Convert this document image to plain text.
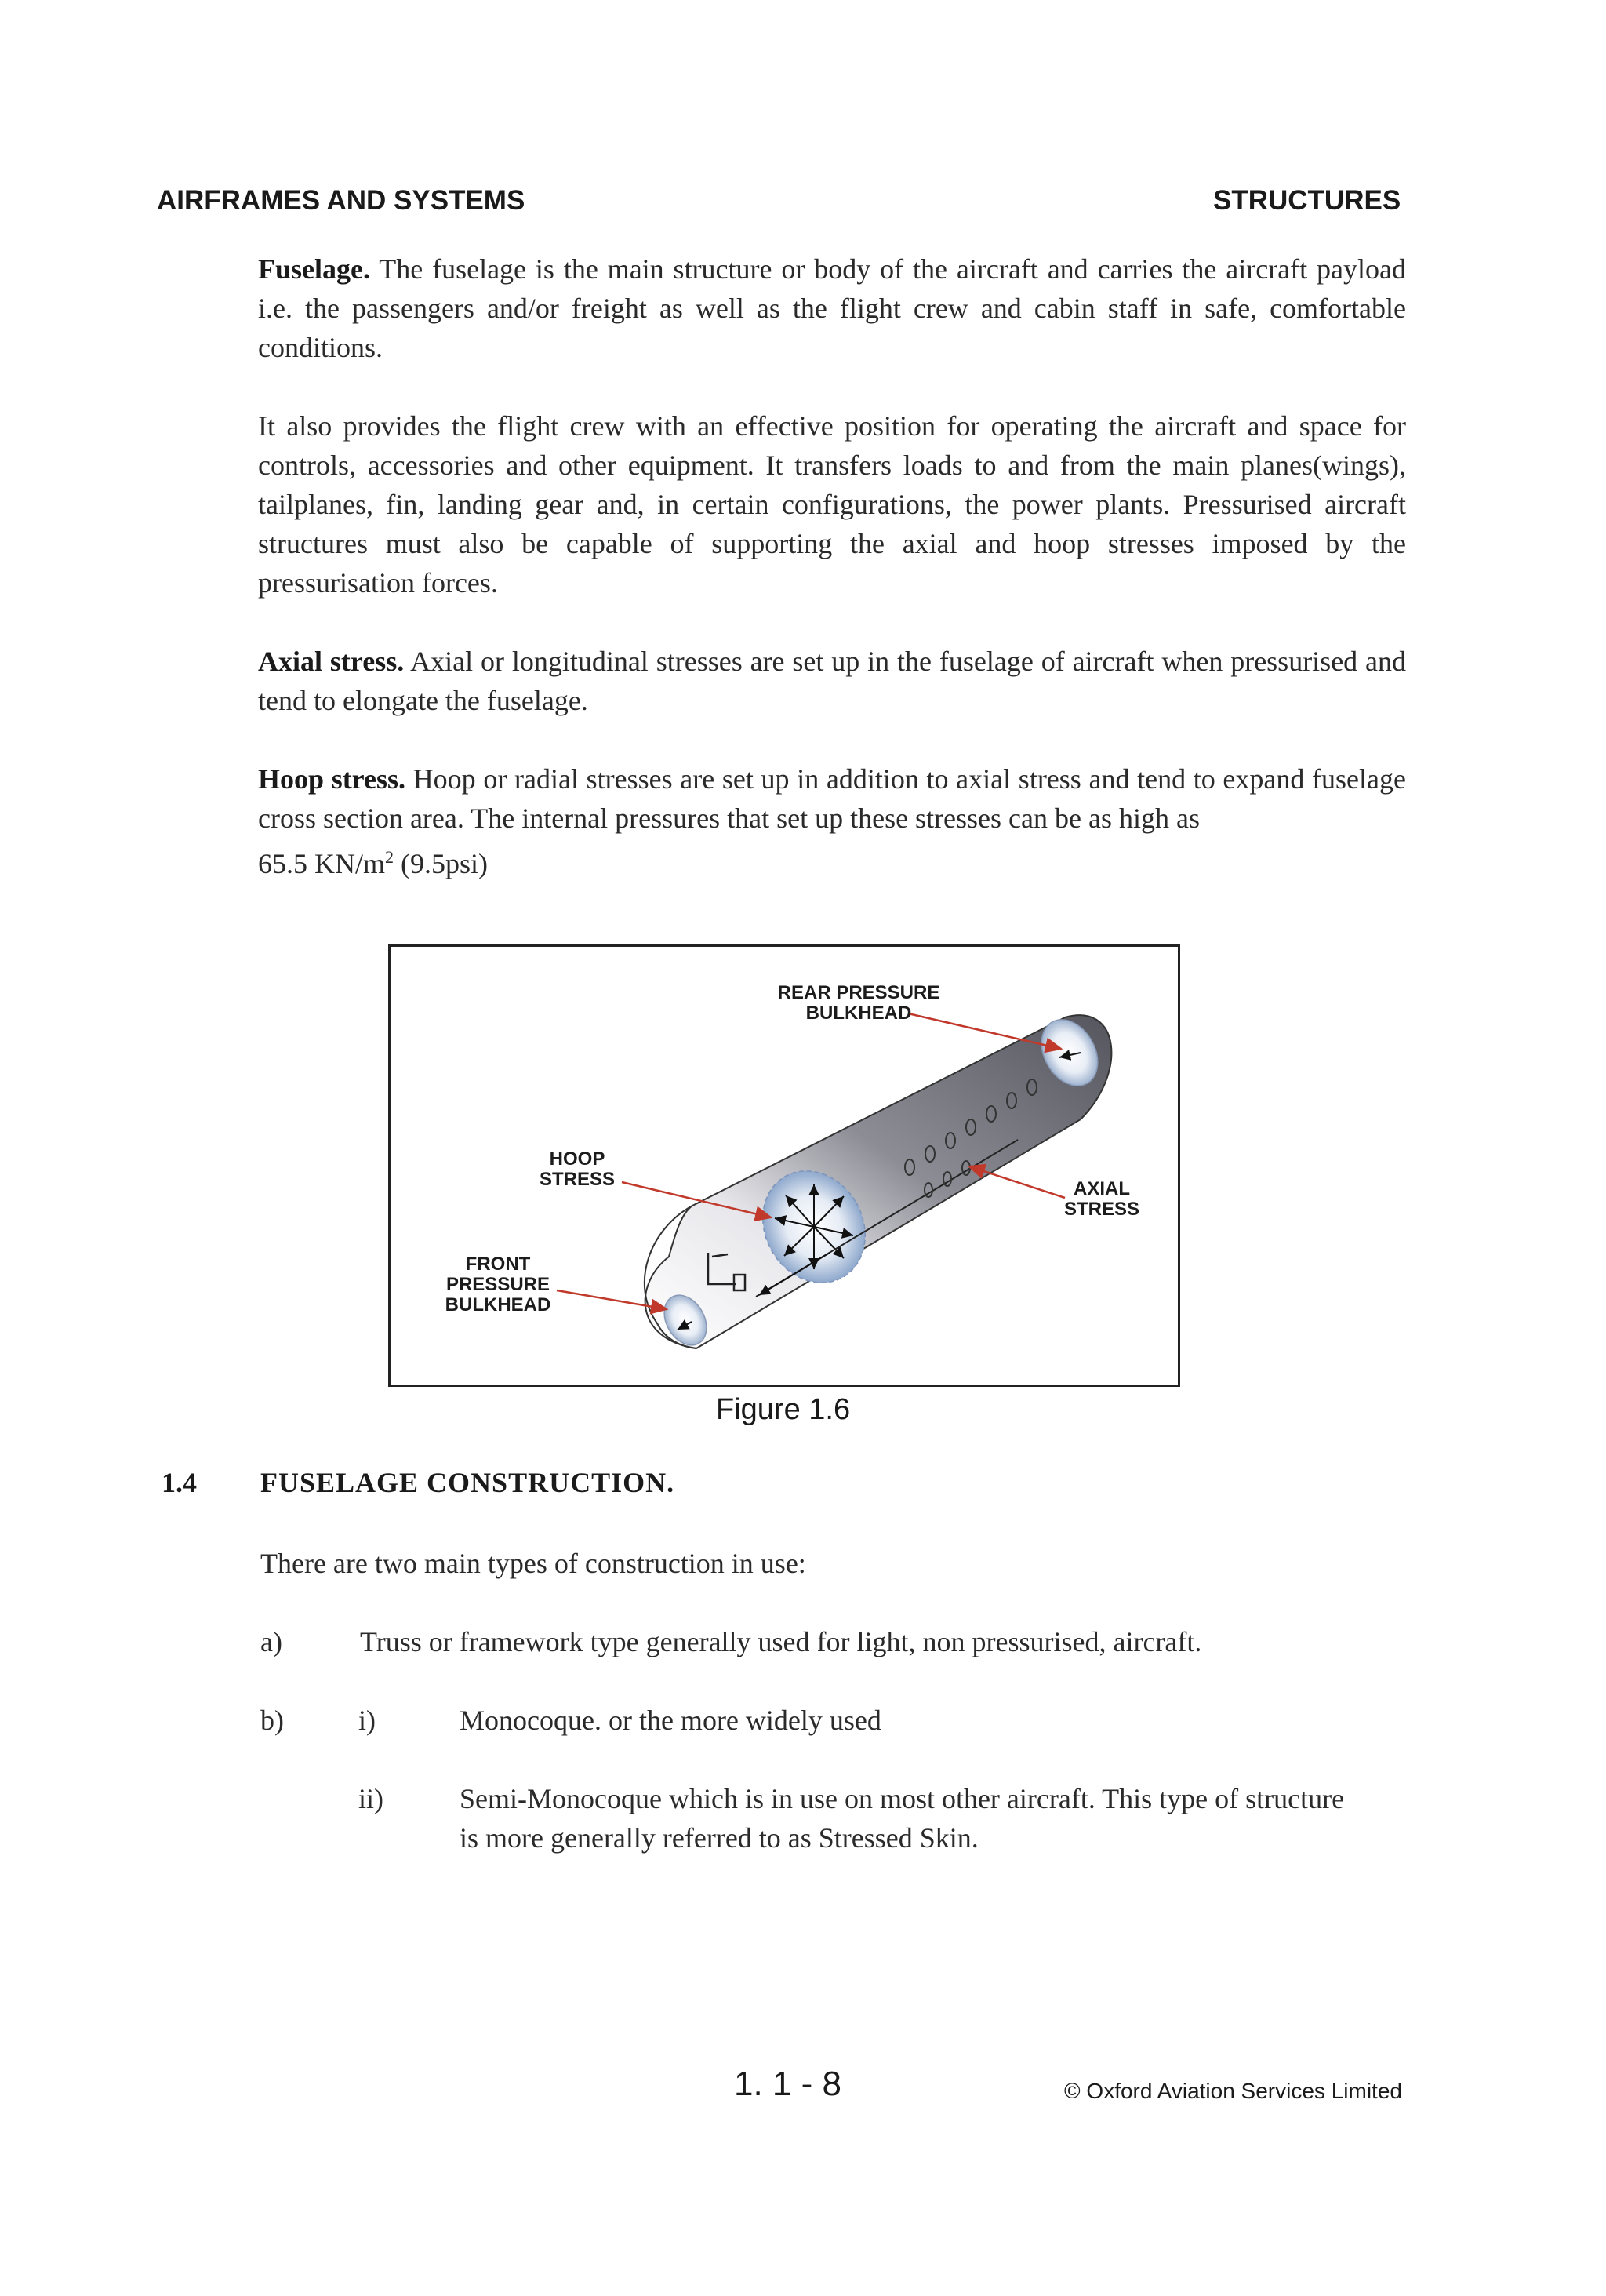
AIRFRAMES AND SYSTEMS	STRUCTURES

Fuselage. The fuselage is the main structure or body of the aircraft and carries the aircraft payload i.e. the passengers and/or freight as well as the flight crew and cabin staff in safe, comfortable conditions.

It also provides the flight crew with an effective position for operating the aircraft and space for controls, accessories and other equipment. It transfers loads to and from the main planes(wings), tailplanes, fin, landing gear and, in certain configurations, the power plants. Pressurised aircraft structures must also be capable of supporting the axial and hoop stresses imposed by the pressurisation forces.

Axial stress. Axial or longitudinal stresses are set up in the fuselage of aircraft when pressurised and tend to elongate the fuselage.

Hoop stress. Hoop or radial stresses are set up in addition to axial stress and tend to expand fuselage cross section area. The internal pressures that set up these stresses can be as high as
65.5 $KN/m^2$ (9.5psi)

REAR PRESSURE
BULKHEAD
HOOP
STRESS	AXIAL
STRESS
FRONT
PRESSURE
BULKHEAD
Figure 1.6
1.4 FUSELAGE CONSTRUCTION.
There are two main types of construction in use:
a)	Truss or framework type generally used for light, non pressurised, aircraft.
b)	i)	Monocoque. or the more widely used
ii)	Semi-Monocoque which is in use on most other aircraft. This type of structure
is more generally referred to as Stressed Skin.
1. 1 - 8	© Oxford Aviation Services Limited
